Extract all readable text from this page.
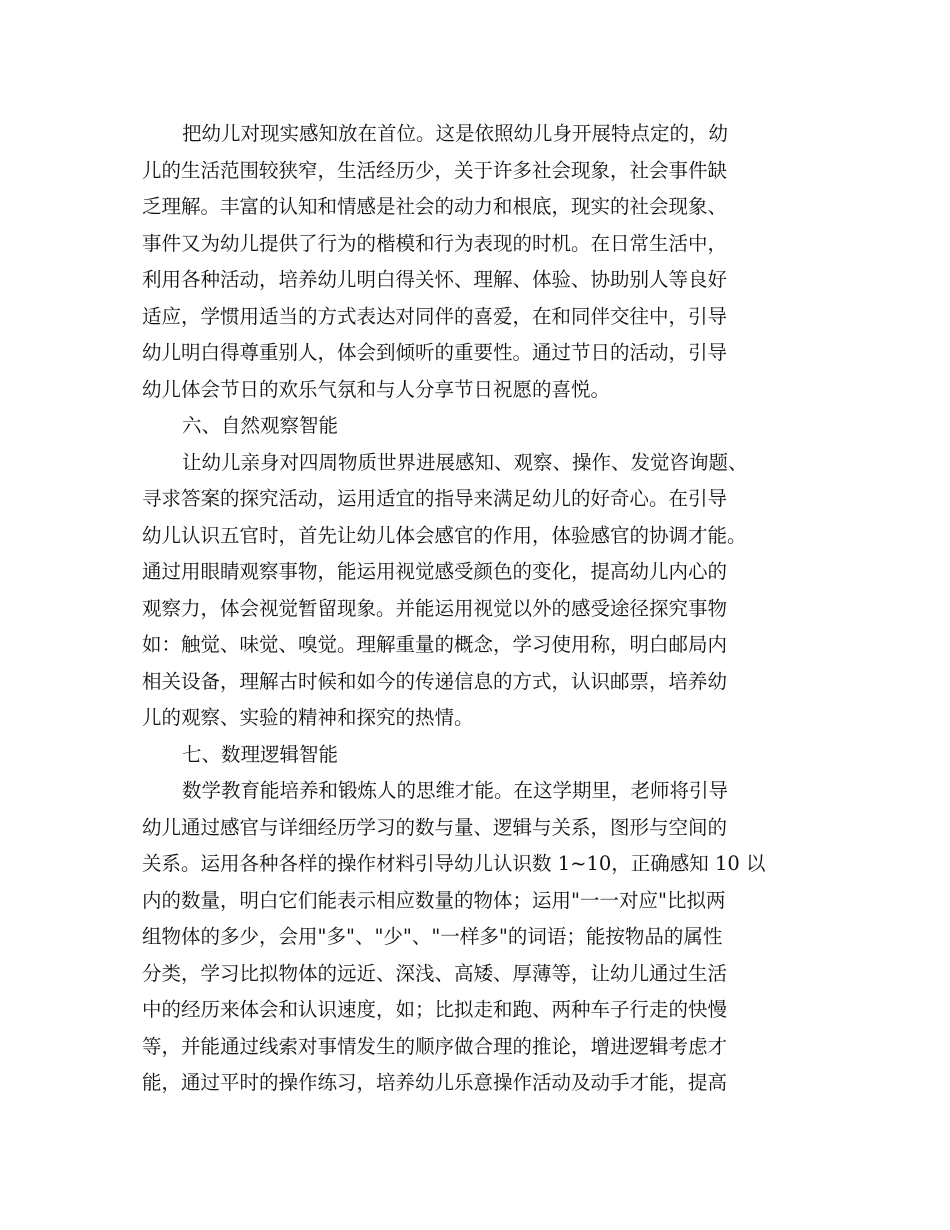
把幼儿对现实感知放在首位。这是依照幼儿身开展特点定的，幼
儿的生活范围较狭窄，生活经历少，关于许多社会现象，社会事件缺
乏理解。丰富的认知和情感是社会的动力和根底，现实的社会现象、
事件又为幼儿提供了行为的楷模和行为表现的时机。在日常生活中，
利用各种活动，培养幼儿明白得关怀、理解、体验、协助别人等良好
适应，学惯用适当的方式表达对同伴的喜爱，在和同伴交往中，引导
幼儿明白得尊重别人，体会到倾听的重要性。通过节日的活动，引导
幼儿体会节日的欢乐气氛和与人分享节日祝愿的喜悦。
六、自然观察智能
让幼儿亲身对四周物质世界进展感知、观察、操作、发觉咨询题、
寻求答案的探究活动，运用适宜的指导来满足幼儿的好奇心。在引导
幼儿认识五官时，首先让幼儿体会感官的作用，体验感官的协调才能。
通过用眼睛观察事物，能运用视觉感受颜色的变化，提高幼儿内心的
观察力，体会视觉暂留现象。并能运用视觉以外的感受途径探究事物
如：触觉、味觉、嗅觉。理解重量的概念，学习使用称，明白邮局内
相关设备，理解古时候和如今的传递信息的方式，认识邮票，培养幼
儿的观察、实验的精神和探究的热情。
七、数理逻辑智能
数学教育能培养和锻炼人的思维才能。在这学期里，老师将引导
幼儿通过感官与详细经历学习的数与量、逻辑与关系，图形与空间的
关系。运用各种各样的操作材料引导幼儿认识数 1~10，正确感知 10 以
内的数量，明白它们能表示相应数量的物体；运用"一一对应"比拟两
组物体的多少，会用"多"、"少"、"一样多"的词语；能按物品的属性
分类，学习比拟物体的远近、深浅、高矮、厚薄等，让幼儿通过生活
中的经历来体会和认识速度，如；比拟走和跑、两种车子行走的快慢
等，并能通过线索对事情发生的顺序做合理的推论，增进逻辑考虑才
能，通过平时的操作练习，培养幼儿乐意操作活动及动手才能，提高
